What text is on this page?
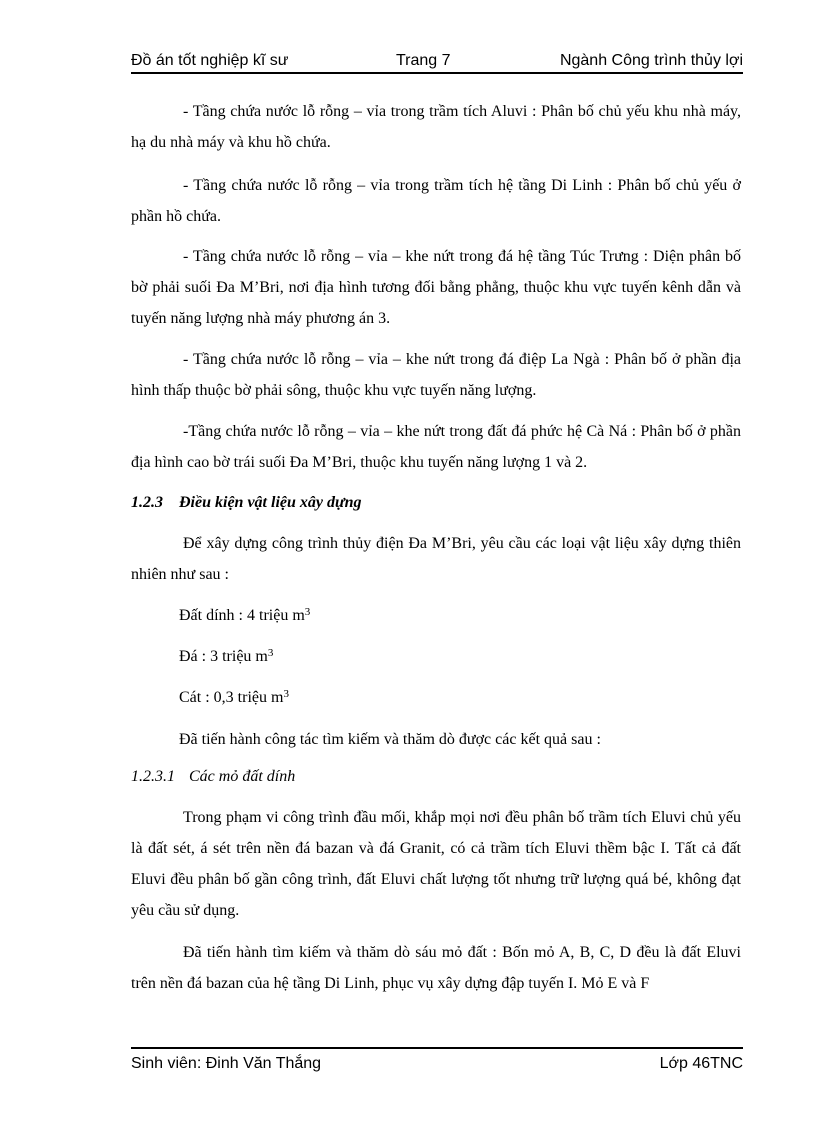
Đồ án tốt nghiệp kĩ sư	Trang 7	Ngành Công trình thủy lợi

- Tầng chứa nước lỗ rỗng – vỉa trong trầm tích Aluvi : Phân bố chủ yếu khu nhà máy, hạ du nhà máy và khu hồ chứa.

- Tầng chứa nước lỗ rỗng – vỉa trong trầm tích hệ tầng Di Linh : Phân bố chủ yếu ở phần hồ chứa.

- Tầng chứa nước lỗ rỗng – vỉa – khe nứt trong đá hệ tầng Túc Trưng : Diện phân bố bờ phải suối Đa M’Bri, nơi địa hình tương đối bằng phẳng, thuộc khu vực tuyến kênh dẫn và tuyến năng lượng nhà máy phương án 3.

- Tầng chứa nước lỗ rỗng – vỉa – khe nứt trong đá điệp La Ngà : Phân bố ở phần địa hình thấp thuộc bờ phải sông, thuộc khu vực tuyến năng lượng.

-Tầng chứa nước lỗ rỗng – vỉa – khe nứt trong đất đá phức hệ Cà Ná : Phân bố ở phần địa hình cao bờ trái suối Đa M’Bri, thuộc khu tuyến năng lượng 1 và 2.

1.2.3 Điều kiện vật liệu xây dựng

Để xây dựng công trình thủy điện Đa M’Bri, yêu cầu các loại vật liệu xây dựng thiên nhiên như sau :

Đất dính : 4 triệu $m^3$

Đá : 3 triệu $m^3$

Cát : 0,3 triệu $m^3$

Đã tiến hành công tác tìm kiếm và thăm dò được các kết quả sau :

1.2.3.1 Các mỏ đất dính

Trong phạm vi công trình đầu mối, khắp mọi nơi đều phân bố trầm tích Eluvi chủ yếu là đất sét, á sét trên nền đá bazan và đá Granit, có cả trầm tích Eluvi thềm bậc I. Tất cả đất Eluvi đều phân bố gần công trình, đất Eluvi chất lượng tốt nhưng trữ lượng quá bé, không đạt yêu cầu sử dụng.

Đã tiến hành tìm kiếm và thăm dò sáu mỏ đất : Bốn mỏ A, B, C, D đều là đất Eluvi trên nền đá bazan của hệ tầng Di Linh, phục vụ xây dựng đập tuyến I. Mỏ E và F

Sinh viên: Đinh Văn Thắng	Lớp 46TNC
